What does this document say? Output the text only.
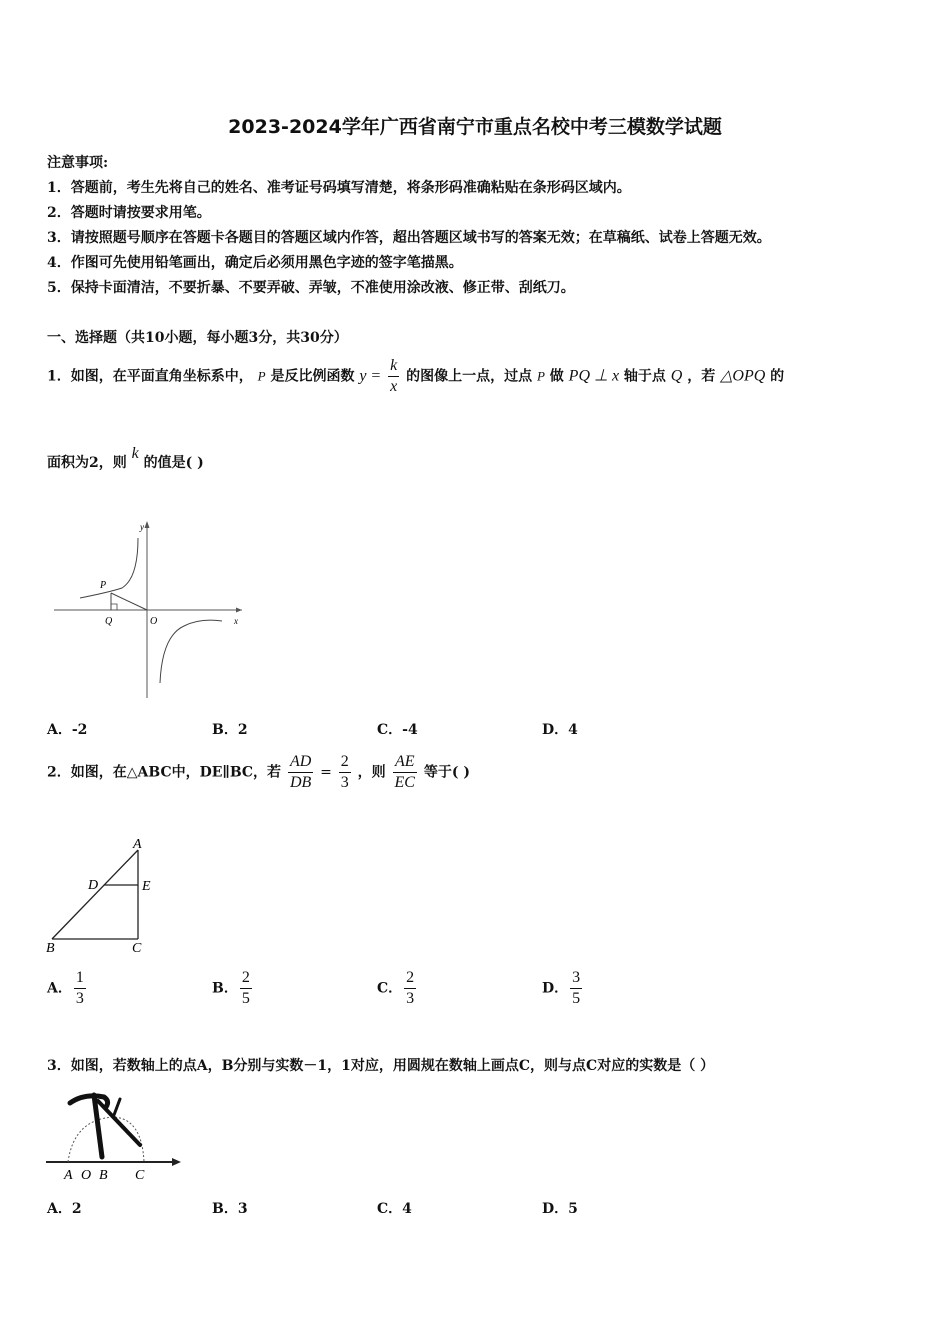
2023-2024学年广西省南宁市重点名校中考三模数学试题
注意事项:
1．答题前，考生先将自己的姓名、准考证号码填写清楚，将条形码准确粘贴在条形码区域内。
2．答题时请按要求用笔。
3．请按照题号顺序在答题卡各题目的答题区域内作答，超出答题区域书写的答案无效；在草稿纸、试卷上答题无效。
4．作图可先使用铅笔画出，确定后必须用黑色字迹的签字笔描黑。
5．保持卡面清洁，不要折暴、不要弄破、弄皱，不准使用涂改液、修正带、刮纸刀。
一、选择题（共10小题，每小题3分，共30分）
1．如图，在平面直角坐标系中， P 是反比例函数 $y = \frac{k}{x}$ 的图像上一点，过点 P 做 PQ ⊥ x 轴于点 Q ，若 △OPQ 的
面积为2，则 k 的值是( )
y
x
P
Q	O
A．-2	B．2	C．-4	D．4
2．如图，在△ABC中，DE∥BC，若 $\frac{AD}{DB} = \frac{2}{3}$ ，则 $\frac{AE}{EC}$ 等于( )
A
B	C
D	E
A． $\frac{1}{3}$	B． $\frac{2}{5}$	C． $\frac{2}{3}$	D． $\frac{3}{5}$
3．如图，若数轴上的点A，B分别与实数－1，1对应，用圆规在数轴上画点C，则与点C对应的实数是（ ）
A O B C
A．2	B．3	C．4	D．5
